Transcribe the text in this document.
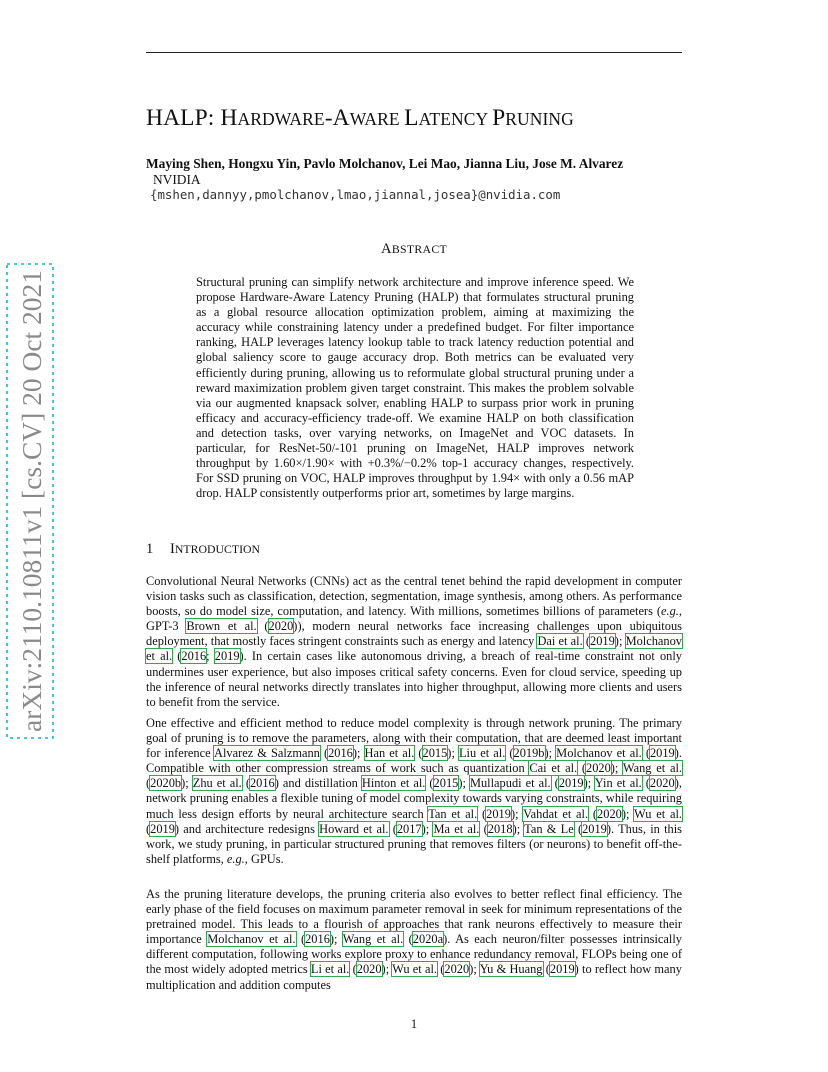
arXiv:2110.10811v1 [cs.CV] 20 Oct 2021
HALP: HARDWARE-AWARE LATENCY PRUNING
Maying Shen, Hongxu Yin, Pavlo Molchanov, Lei Mao, Jianna Liu, Jose M. Alvarez
NVIDIA
{mshen,dannyy,pmolchanov,lmao,jiannal,josea}@nvidia.com
ABSTRACT

Structural pruning can simplify network architecture and improve inference speed. We propose Hardware-Aware Latency Pruning (HALP) that formulates structural pruning as a global resource allocation optimization problem, aiming at maximizing the accuracy while constraining latency under a predefined budget. For filter importance ranking, HALP leverages latency lookup table to track latency reduction potential and global saliency score to gauge accuracy drop. Both metrics can be evaluated very efficiently during pruning, allowing us to reformulate global structural pruning under a reward maximization problem given target constraint. This makes the problem solvable via our augmented knapsack solver, enabling HALP to surpass prior work in pruning efficacy and accuracy-efficiency trade-off. We examine HALP on both classification and detection tasks, over varying networks, on ImageNet and VOC datasets. In particular, for ResNet-50/-101 pruning on ImageNet, HALP improves network throughput by 1.60×/1.90× with +0.3%/−0.2% top-1 accuracy changes, respectively. For SSD pruning on VOC, HALP improves throughput by 1.94× with only a 0.56 mAP drop. HALP consistently outperforms prior art, sometimes by large margins.

1 INTRODUCTION

Convolutional Neural Networks (CNNs) act as the central tenet behind the rapid development in computer vision tasks such as classification, detection, segmentation, image synthesis, among others. As performance boosts, so do model size, computation, and latency. With millions, sometimes billions of parameters (e.g., GPT-3 Brown et al. (2020)), modern neural networks face increasing challenges upon ubiquitous deployment, that mostly faces stringent constraints such as energy and latency Dai et al. (2019); Molchanov et al. (2016; 2019). In certain cases like autonomous driving, a breach of real-time constraint not only undermines user experience, but also imposes critical safety concerns. Even for cloud service, speeding up the inference of neural networks directly translates into higher throughput, allowing more clients and users to benefit from the service.

One effective and efficient method to reduce model complexity is through network pruning. The primary goal of pruning is to remove the parameters, along with their computation, that are deemed least important for inference Alvarez & Salzmann (2016); Han et al. (2015); Liu et al. (2019b); Molchanov et al. (2019). Compatible with other compression streams of work such as quantization Cai et al. (2020); Wang et al. (2020b); Zhu et al. (2016) and distillation Hinton et al. (2015); Mullapudi et al. (2019); Yin et al. (2020), network pruning enables a flexible tuning of model complexity towards varying constraints, while requiring much less design efforts by neural architecture search Tan et al. (2019); Vahdat et al. (2020); Wu et al. (2019) and architecture redesigns Howard et al. (2017); Ma et al. (2018); Tan & Le (2019). Thus, in this work, we study pruning, in particular structured pruning that removes filters (or neurons) to benefit off-the-shelf platforms, e.g., GPUs.

As the pruning literature develops, the pruning criteria also evolves to better reflect final efficiency. The early phase of the field focuses on maximum parameter removal in seek for minimum representations of the pretrained model. This leads to a flourish of approaches that rank neurons effectively to measure their importance Molchanov et al. (2016); Wang et al. (2020a). As each neuron/filter possesses intrinsically different computation, following works explore proxy to enhance redundancy removal, FLOPs being one of the most widely adopted metrics Li et al. (2020); Wu et al. (2020); Yu & Huang (2019) to reflect how many multiplication and addition computes

1
